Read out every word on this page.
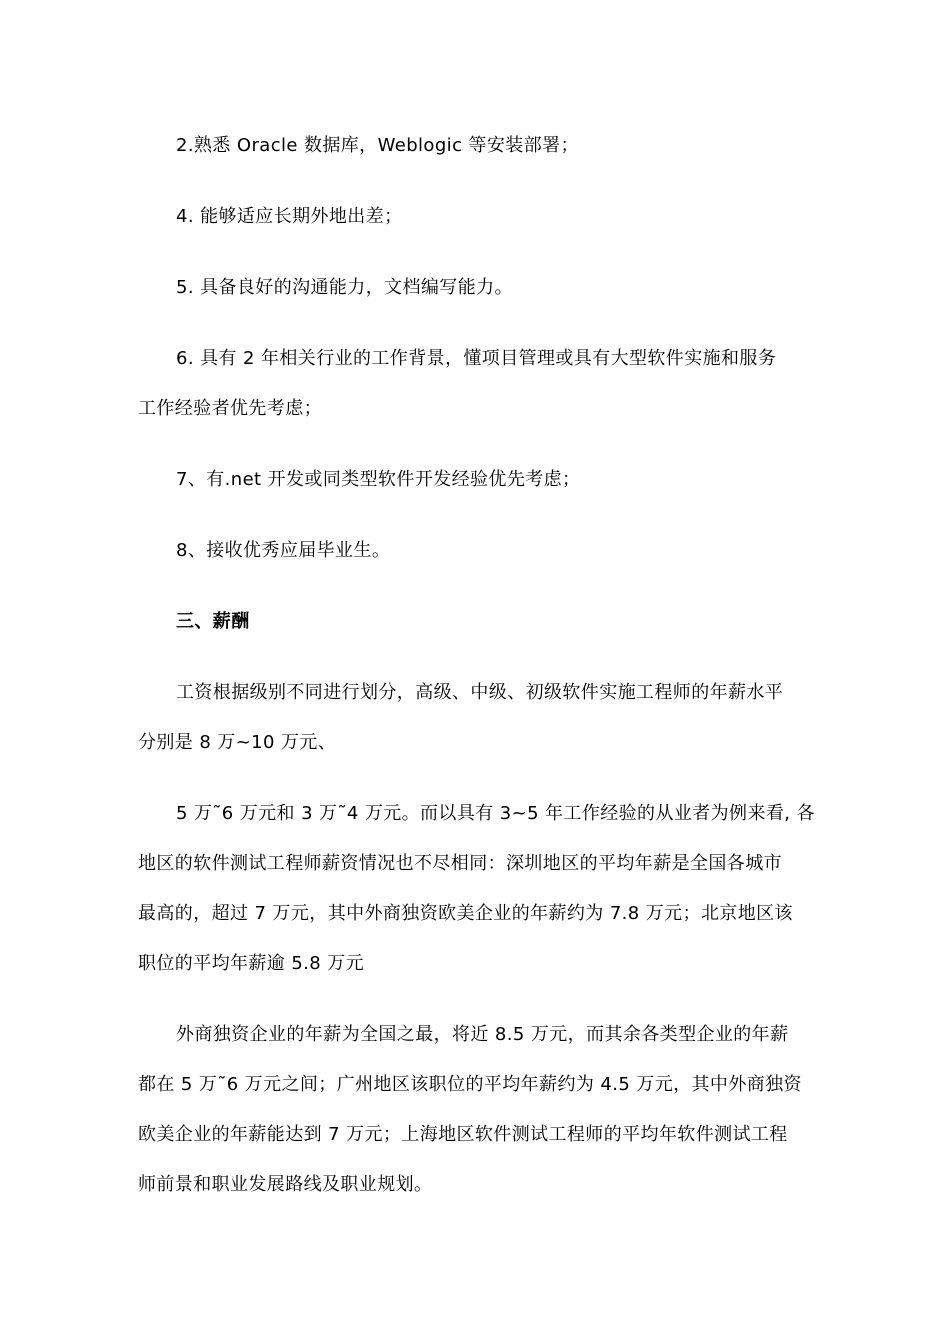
2.熟悉 Oracle 数据库，Weblogic 等安装部署；
4. 能够适应长期外地出差；
5. 具备良好的沟通能力，文档编写能力。
6. 具有 2 年相关行业的工作背景，懂项目管理或具有大型软件实施和服务
工作经验者优先考虑；
7、有.net 开发或同类型软件开发经验优先考虑；
8、接收优秀应届毕业生。
三、薪酬
工资根据级别不同进行划分，高级、中级、初级软件实施工程师的年薪水平
分别是 8 万~10 万元、
5 万˜6 万元和 3 万˜4 万元。而以具有 3~5 年工作经验的从业者为例来看, 各
地区的软件测试工程师薪资情况也不尽相同：深圳地区的平均年薪是全国各城市
最高的，超过 7 万元，其中外商独资欧美企业的年薪约为 7.8 万元；北京地区该
职位的平均年薪逾 5.8 万元
外商独资企业的年薪为全国之最，将近 8.5 万元，而其余各类型企业的年薪
都在 5 万˜6 万元之间；广州地区该职位的平均年薪约为 4.5 万元，其中外商独资
欧美企业的年薪能达到 7 万元；上海地区软件测试工程师的平均年软件测试工程
师前景和职业发展路线及职业规划。
